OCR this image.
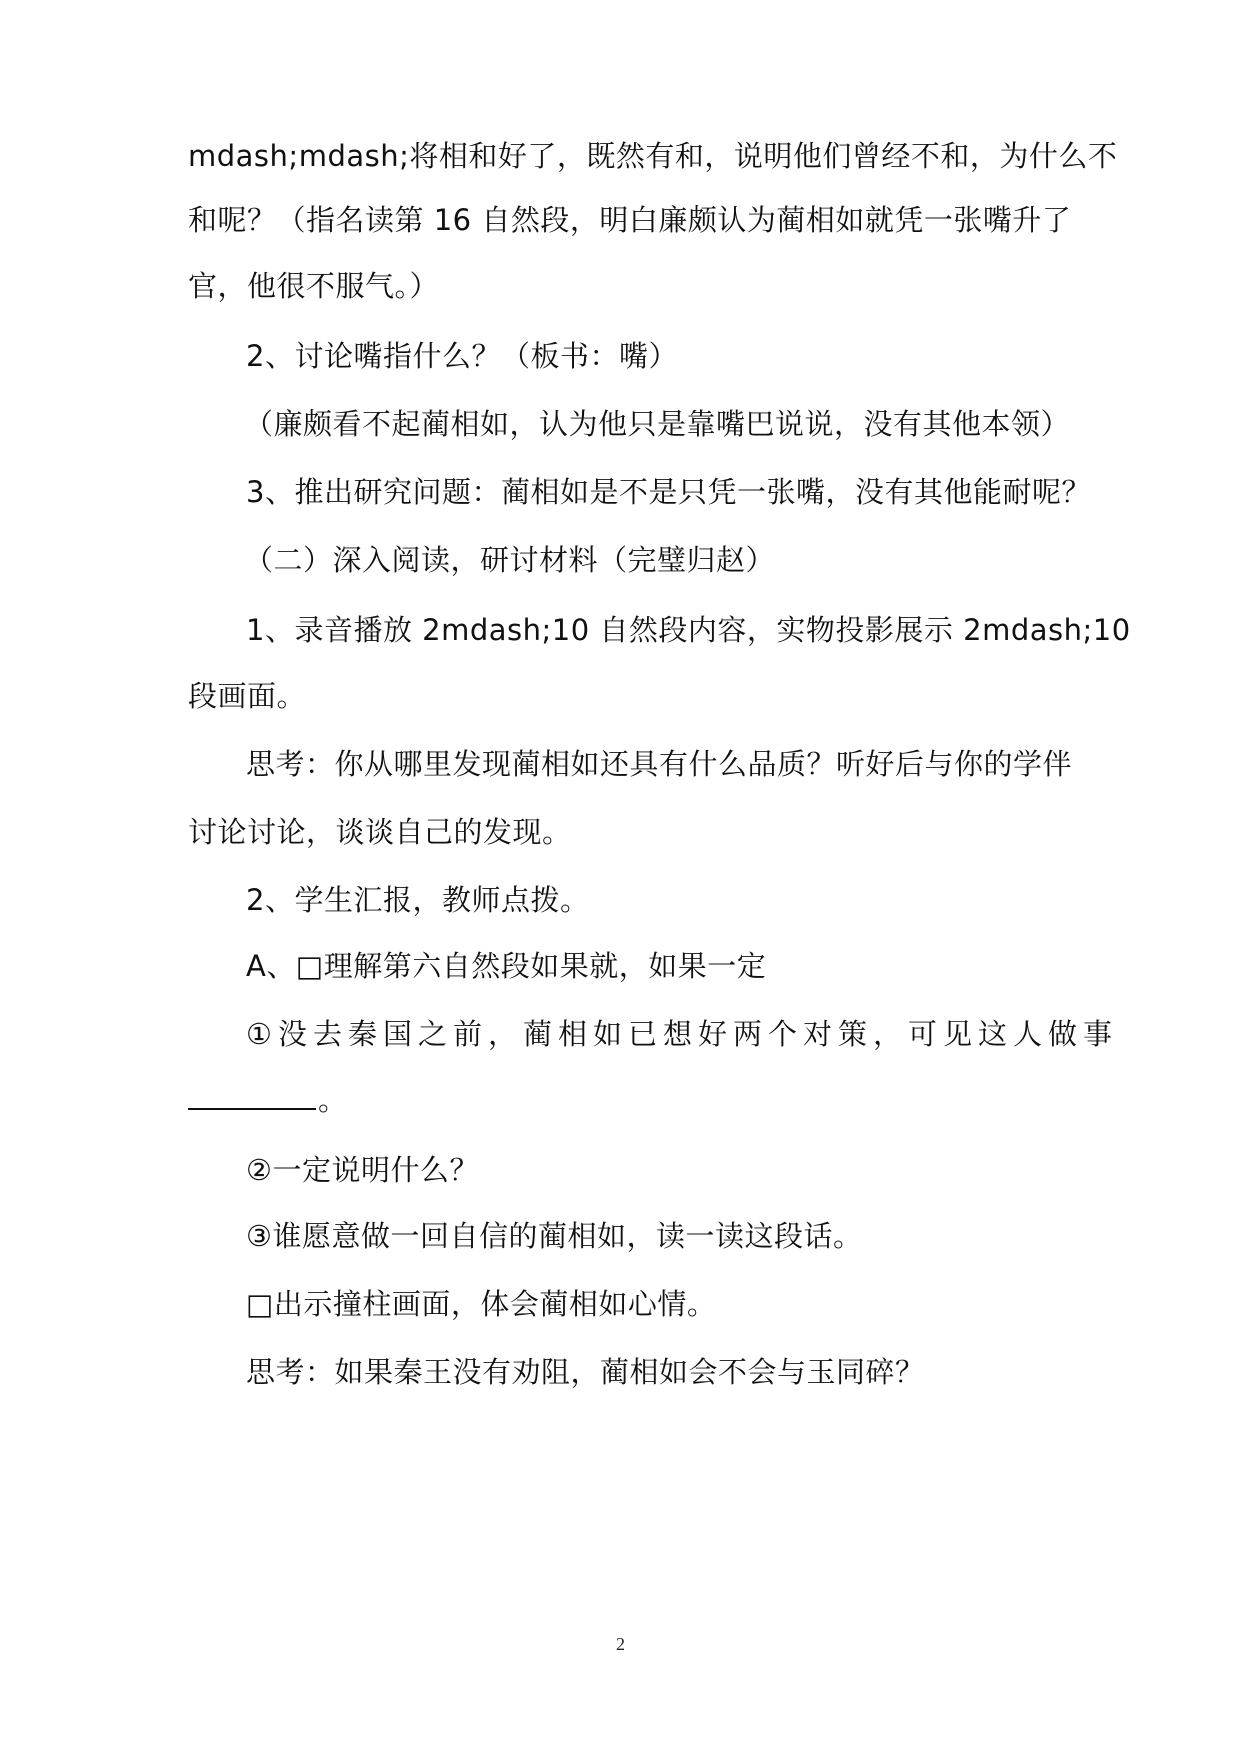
mdash;mdash;将相和好了，既然有和，说明他们曾经不和，为什么不
和呢？（指名读第 16 自然段，明白廉颇认为蔺相如就凭一张嘴升了
官，他很不服气。）
2、讨论嘴指什么？（板书：嘴）
（廉颇看不起蔺相如，认为他只是靠嘴巴说说，没有其他本领）
3、推出研究问题：蔺相如是不是只凭一张嘴，没有其他能耐呢？
（二）深入阅读，研讨材料（完璧归赵）
1、录音播放 2mdash;10 自然段内容，实物投影展示 2mdash;10
段画面。
思考：你从哪里发现蔺相如还具有什么品质？听好后与你的学伴
讨论讨论，谈谈自己的发现。
2、学生汇报，教师点拨。
A、□理解第六自然段如果就，如果一定
①没去秦国之前，蔺相如已想好两个对策，可见这人做事
。
②一定说明什么？
③谁愿意做一回自信的蔺相如，读一读这段话。
□出示撞柱画面，体会蔺相如心情。
思考：如果秦王没有劝阻，蔺相如会不会与玉同碎？
2
